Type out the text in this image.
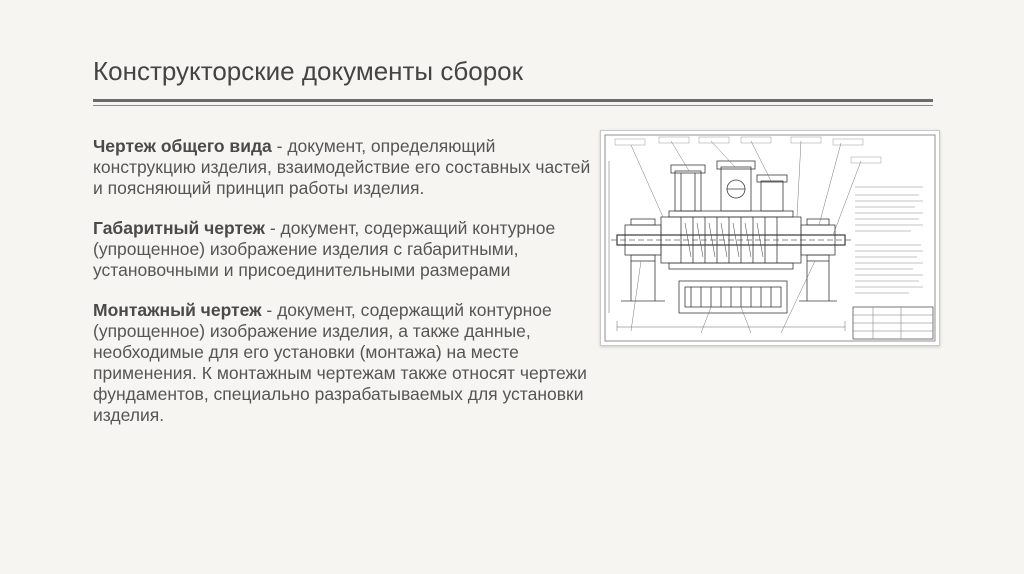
Конструкторские документы сборок

Чертеж общего вида - документ, определяющий конструкцию изделия, взаимодействие его составных частей и поясняющий принцип работы изделия.

Габаритный чертеж - документ, содержащий контурное (упрощенное) изображение изделия с габаритными, установочными и присоединительными размерами

Монтажный чертеж - документ, содержащий контурное (упрощенное) изображение изделия, а также данные, необходимые для его установки (монтажа) на месте применения. К монтажным чертежам также относят чертежи фундаментов, специально разрабатываемых для установки изделия.
